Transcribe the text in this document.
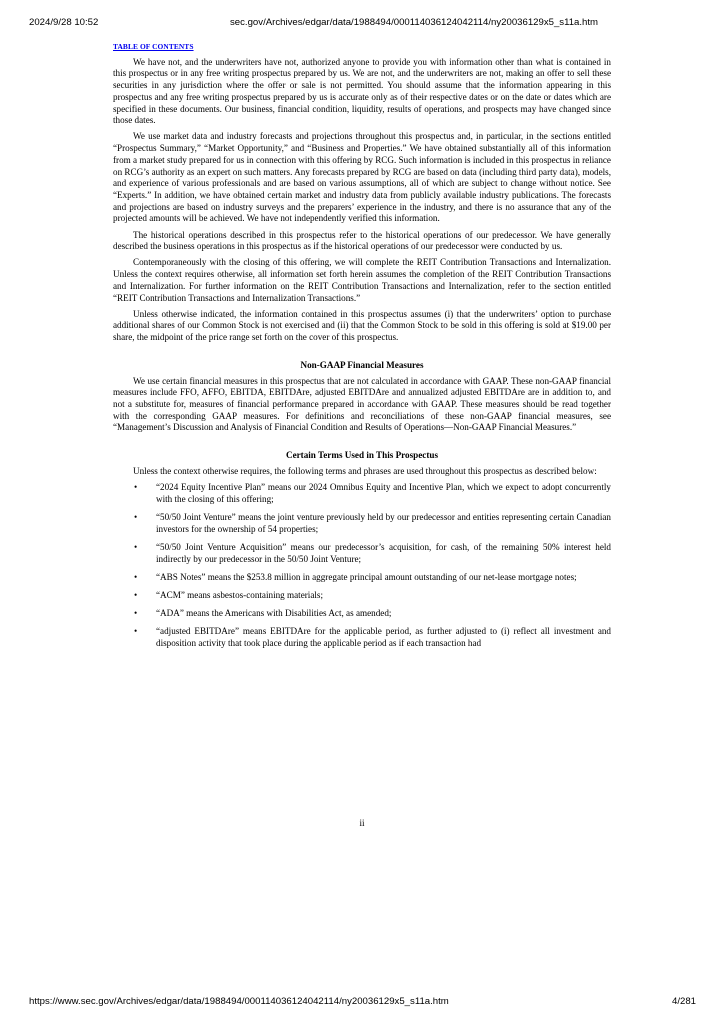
2024/9/28 10:52	sec.gov/Archives/edgar/data/1988494/000114036124042114/ny20036129x5_s11a.htm
TABLE OF CONTENTS

We have not, and the underwriters have not, authorized anyone to provide you with information other than what is contained in this prospectus or in any free writing prospectus prepared by us. We are not, and the underwriters are not, making an offer to sell these securities in any jurisdiction where the offer or sale is not permitted. You should assume that the information appearing in this prospectus and any free writing prospectus prepared by us is accurate only as of their respective dates or on the date or dates which are specified in these documents. Our business, financial condition, liquidity, results of operations, and prospects may have changed since those dates.

We use market data and industry forecasts and projections throughout this prospectus and, in particular, in the sections entitled “Prospectus Summary,” “Market Opportunity,” and “Business and Properties.” We have obtained substantially all of this information from a market study prepared for us in connection with this offering by RCG. Such information is included in this prospectus in reliance on RCG’s authority as an expert on such matters. Any forecasts prepared by RCG are based on data (including third party data), models, and experience of various professionals and are based on various assumptions, all of which are subject to change without notice. See “Experts.” In addition, we have obtained certain market and industry data from publicly available industry publications. The forecasts and projections are based on industry surveys and the preparers’ experience in the industry, and there is no assurance that any of the projected amounts will be achieved. We have not independently verified this information.

The historical operations described in this prospectus refer to the historical operations of our predecessor. We have generally described the business operations in this prospectus as if the historical operations of our predecessor were conducted by us.

Contemporaneously with the closing of this offering, we will complete the REIT Contribution Transactions and Internalization. Unless the context requires otherwise, all information set forth herein assumes the completion of the REIT Contribution Transactions and Internalization. For further information on the REIT Contribution Transactions and Internalization, refer to the section entitled “REIT Contribution Transactions and Internalization Transactions.”

Unless otherwise indicated, the information contained in this prospectus assumes (i) that the underwriters’ option to purchase additional shares of our Common Stock is not exercised and (ii) that the Common Stock to be sold in this offering is sold at $19.00 per share, the midpoint of the price range set forth on the cover of this prospectus.

Non-GAAP Financial Measures

We use certain financial measures in this prospectus that are not calculated in accordance with GAAP. These non-GAAP financial measures include FFO, AFFO, EBITDA, EBITDAre, adjusted EBITDAre and annualized adjusted EBITDAre are in addition to, and not a substitute for, measures of financial performance prepared in accordance with GAAP. These measures should be read together with the corresponding GAAP measures. For definitions and reconciliations of these non-GAAP financial measures, see “Management’s Discussion and Analysis of Financial Condition and Results of Operations—Non-GAAP Financial Measures.”

Certain Terms Used in This Prospectus

Unless the context otherwise requires, the following terms and phrases are used throughout this prospectus as described below:

• “2024 Equity Incentive Plan” means our 2024 Omnibus Equity and Incentive Plan, which we expect to adopt concurrently with the closing of this offering;
• “50/50 Joint Venture” means the joint venture previously held by our predecessor and entities representing certain Canadian investors for the ownership of 54 properties;
• “50/50 Joint Venture Acquisition” means our predecessor’s acquisition, for cash, of the remaining 50% interest held indirectly by our predecessor in the 50/50 Joint Venture;
• “ABS Notes” means the $253.8 million in aggregate principal amount outstanding of our net-lease mortgage notes;
• “ACM” means asbestos-containing materials;
• “ADA” means the Americans with Disabilities Act, as amended;
• “adjusted EBITDAre” means EBITDAre for the applicable period, as further adjusted to (i) reflect all investment and disposition activity that took place during the applicable period as if each transaction had
ii
https://www.sec.gov/Archives/edgar/data/1988494/000114036124042114/ny20036129x5_s11a.htm	4/281
